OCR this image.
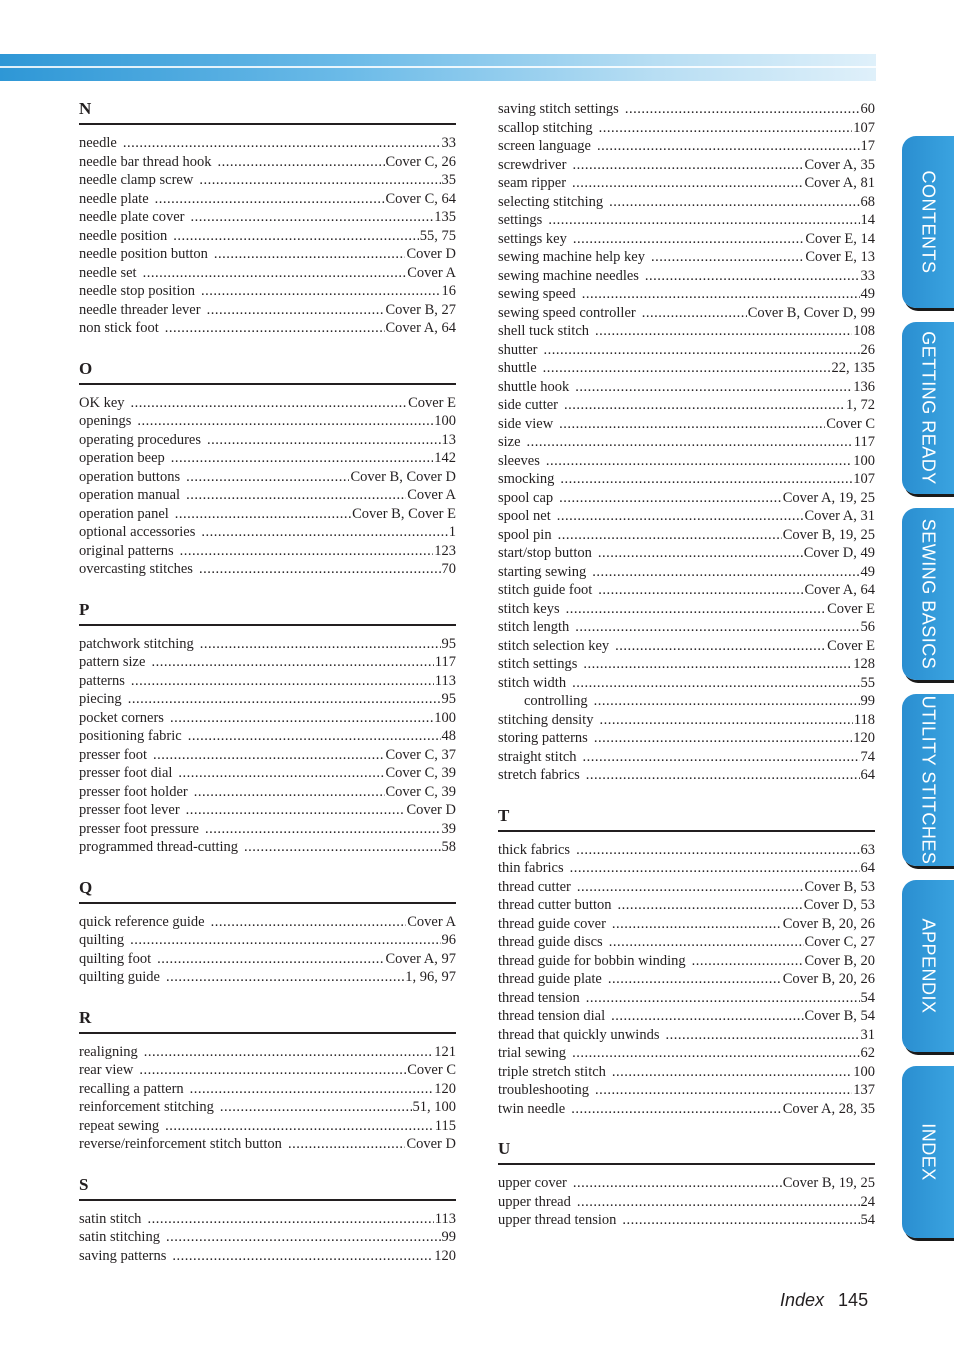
N
needle .....	33
needle bar thread hook .....	Cover C, 26
needle clamp screw .....	35
needle plate .....	Cover C, 64
needle plate cover .....	135
needle position .....	55, 75
needle position button .....	Cover D
needle set .....	Cover A
needle stop position .....	16
needle threader lever .....	Cover B, 27
non stick foot .....	Cover A, 64
O
OK key .....	Cover E
openings .....	100
operating procedures .....	13
operation beep .....	142
operation buttons .....	Cover B, Cover D
operation manual .....	Cover A
operation panel .....	Cover B, Cover E
optional accessories .....	1
original patterns .....	123
overcasting stitches .....	70
P
patchwork stitching .....	95
pattern size .....	117
patterns .....	113
piecing .....	95
pocket corners .....	100
positioning fabric .....	48
presser foot .....	Cover C, 37
presser foot dial .....	Cover C, 39
presser foot holder .....	Cover C, 39
presser foot lever .....	Cover D
presser foot pressure .....	39
programmed thread-cutting .....	58
Q
quick reference guide .....	Cover A
quilting .....	96
quilting foot .....	Cover A, 97
quilting guide .....	1, 96, 97
R
realigning .....	121
rear view .....	Cover C
recalling a pattern .....	120
reinforcement stitching .....	51, 100
repeat sewing .....	115
reverse/reinforcement stitch button .....	Cover D
S
satin stitch .....	113
satin stitching .....	99
saving patterns .....	120
saving stitch settings .....	60
scallop stitching .....	107
screen language .....	17
screwdriver .....	Cover A, 35
seam ripper .....	Cover A, 81
selecting stitching .....	68
settings .....	14
settings key .....	Cover E, 14
sewing machine help key .....	Cover E, 13
sewing machine needles .....	33
sewing speed .....	49
sewing speed controller .....	Cover B, Cover D, 99
shell tuck stitch .....	108
shutter .....	26
shuttle .....	22, 135
shuttle hook .....	136
side cutter .....	1, 72
side view .....	Cover C
size .....	117
sleeves .....	100
smocking .....	107
spool cap .....	Cover A, 19, 25
spool net .....	Cover A, 31
spool pin .....	Cover B, 19, 25
start/stop button .....	Cover D, 49
starting sewing .....	49
stitch guide foot .....	Cover A, 64
stitch keys .....	Cover E
stitch length .....	56
stitch selection key .....	Cover E
stitch settings .....	128
stitch width .....	55
controlling .....	99
stitching density .....	118
storing patterns .....	120
straight stitch .....	74
stretch fabrics .....	64
T
thick fabrics .....	63
thin fabrics .....	64
thread cutter .....	Cover B, 53
thread cutter button .....	Cover D, 53
thread guide cover .....	Cover B, 20, 26
thread guide discs .....	Cover C, 27
thread guide for bobbin winding .....	Cover B, 20
thread guide plate .....	Cover B, 20, 26
thread tension .....	54
thread tension dial .....	Cover B, 54
thread that quickly unwinds .....	31
trial sewing .....	62
triple stretch stitch .....	100
troubleshooting .....	137
twin needle .....	Cover A, 28, 35
U
upper cover .....	Cover B, 19, 25
upper thread .....	24
upper thread tension .....	54
CONTENTS
GETTING READY
SEWING BASICS
UTILITY STITCHES
APPENDIX
INDEX
Index 145
